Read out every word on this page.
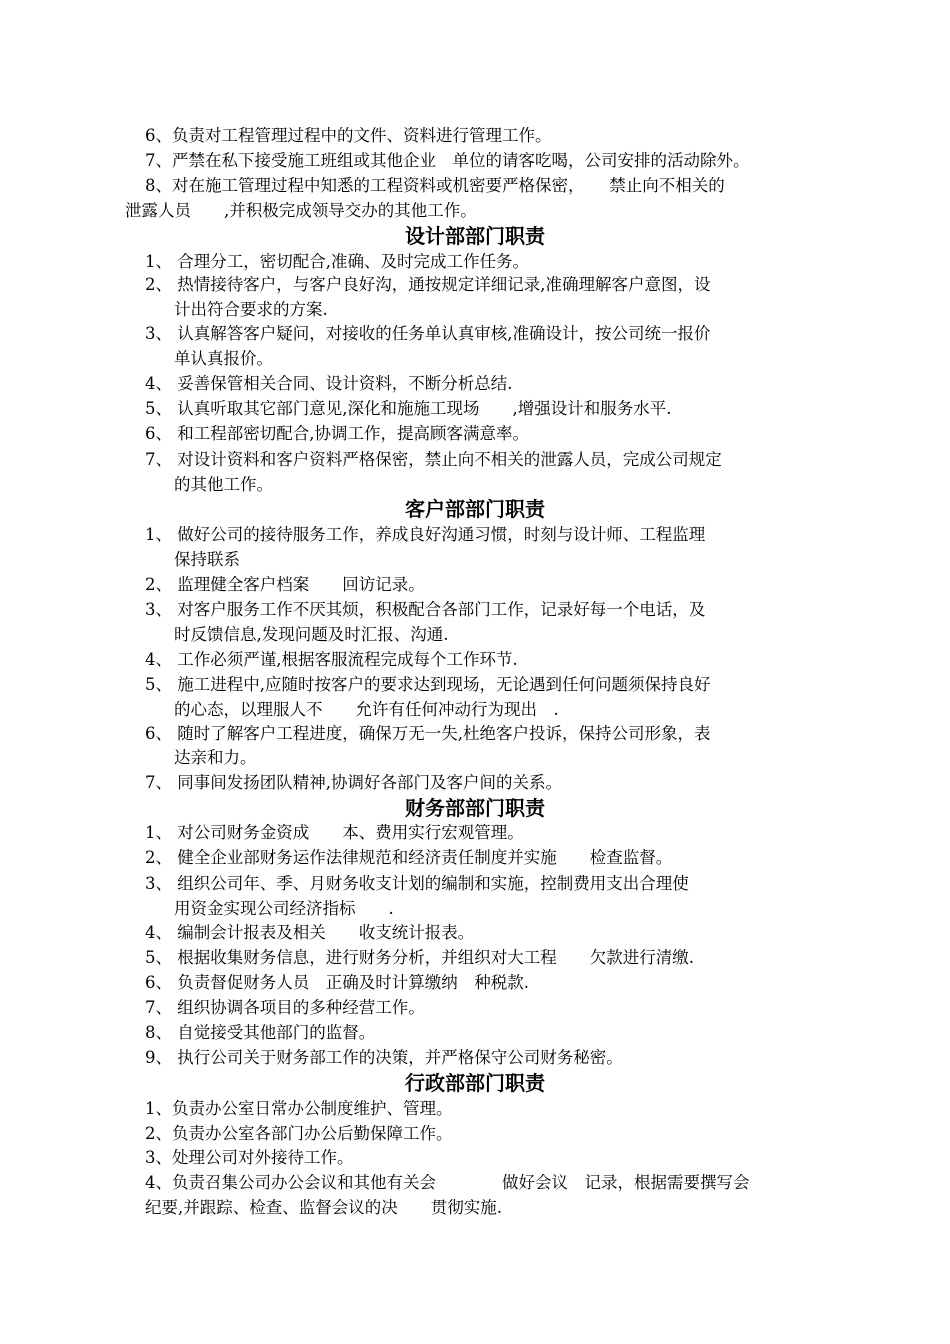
6、负责对工程管理过程中的文件、资料进行管理工作。
7、严禁在私下接受施工班组或其他企业　单位的请客吃喝，公司安排的活动除外。
8、对在施工管理过程中知悉的工程资料或机密要严格保密，　　禁止向不相关的
泄露人员　　,并积极完成领导交办的其他工作。
设计部部门职责
1、 合理分工，密切配合,准确、及时完成工作任务。
2、 热情接待客户，与客户良好沟，通按规定详细记录,准确理解客户意图，设
计出符合要求的方案.
3、 认真解答客户疑问，对接收的任务单认真审核,准确设计，按公司统一报价
单认真报价。
4、 妥善保管相关合同、设计资料，不断分析总结.
5、 认真听取其它部门意见,深化和施施工现场　　,增强设计和服务水平.
6、 和工程部密切配合,协调工作，提高顾客满意率。
7、 对设计资料和客户资料严格保密，禁止向不相关的泄露人员，完成公司规定
的其他工作。
客户部部门职责
1、 做好公司的接待服务工作，养成良好沟通习惯，时刻与设计师、工程监理
保持联系
2、 监理健全客户档案　　回访记录。
3、 对客户服务工作不厌其烦，积极配合各部门工作，记录好每一个电话，及
时反馈信息,发现问题及时汇报、沟通.
4、 工作必须严谨,根据客服流程完成每个工作环节.
5、 施工进程中,应随时按客户的要求达到现场，无论遇到任何问题须保持良好
的心态，以理服人不　　允许有任何冲动行为现出　.
6、 随时了解客户工程进度，确保万无一失,杜绝客户投诉，保持公司形象，表
达亲和力。
7、 同事间发扬团队精神,协调好各部门及客户间的关系。
财务部部门职责
1、 对公司财务金资成　　本、费用实行宏观管理。
2、 健全企业部财务运作法律规范和经济责任制度并实施　　检查监督。
3、 组织公司年、季、月财务收支计划的编制和实施，控制费用支出合理使
用资金实现公司经济指标　　.
4、 编制会计报表及相关　　收支统计报表。
5、 根据收集财务信息，进行财务分析，并组织对大工程　　欠款进行清缴.
6、 负责督促财务人员　正确及时计算缴纳　种税款.
7、 组织协调各项目的多种经营工作。
8、 自觉接受其他部门的监督。
9、 执行公司关于财务部工作的决策，并严格保守公司财务秘密。
行政部部门职责
1、负责办公室日常办公制度维护、管理。
2、负责办公室各部门办公后勤保障工作。
3、处理公司对外接待工作。
4、负责召集公司办公会议和其他有关会　　　　做好会议　记录，根据需要撰写会
纪要,并跟踪、检查、监督会议的决　　贯彻实施.
